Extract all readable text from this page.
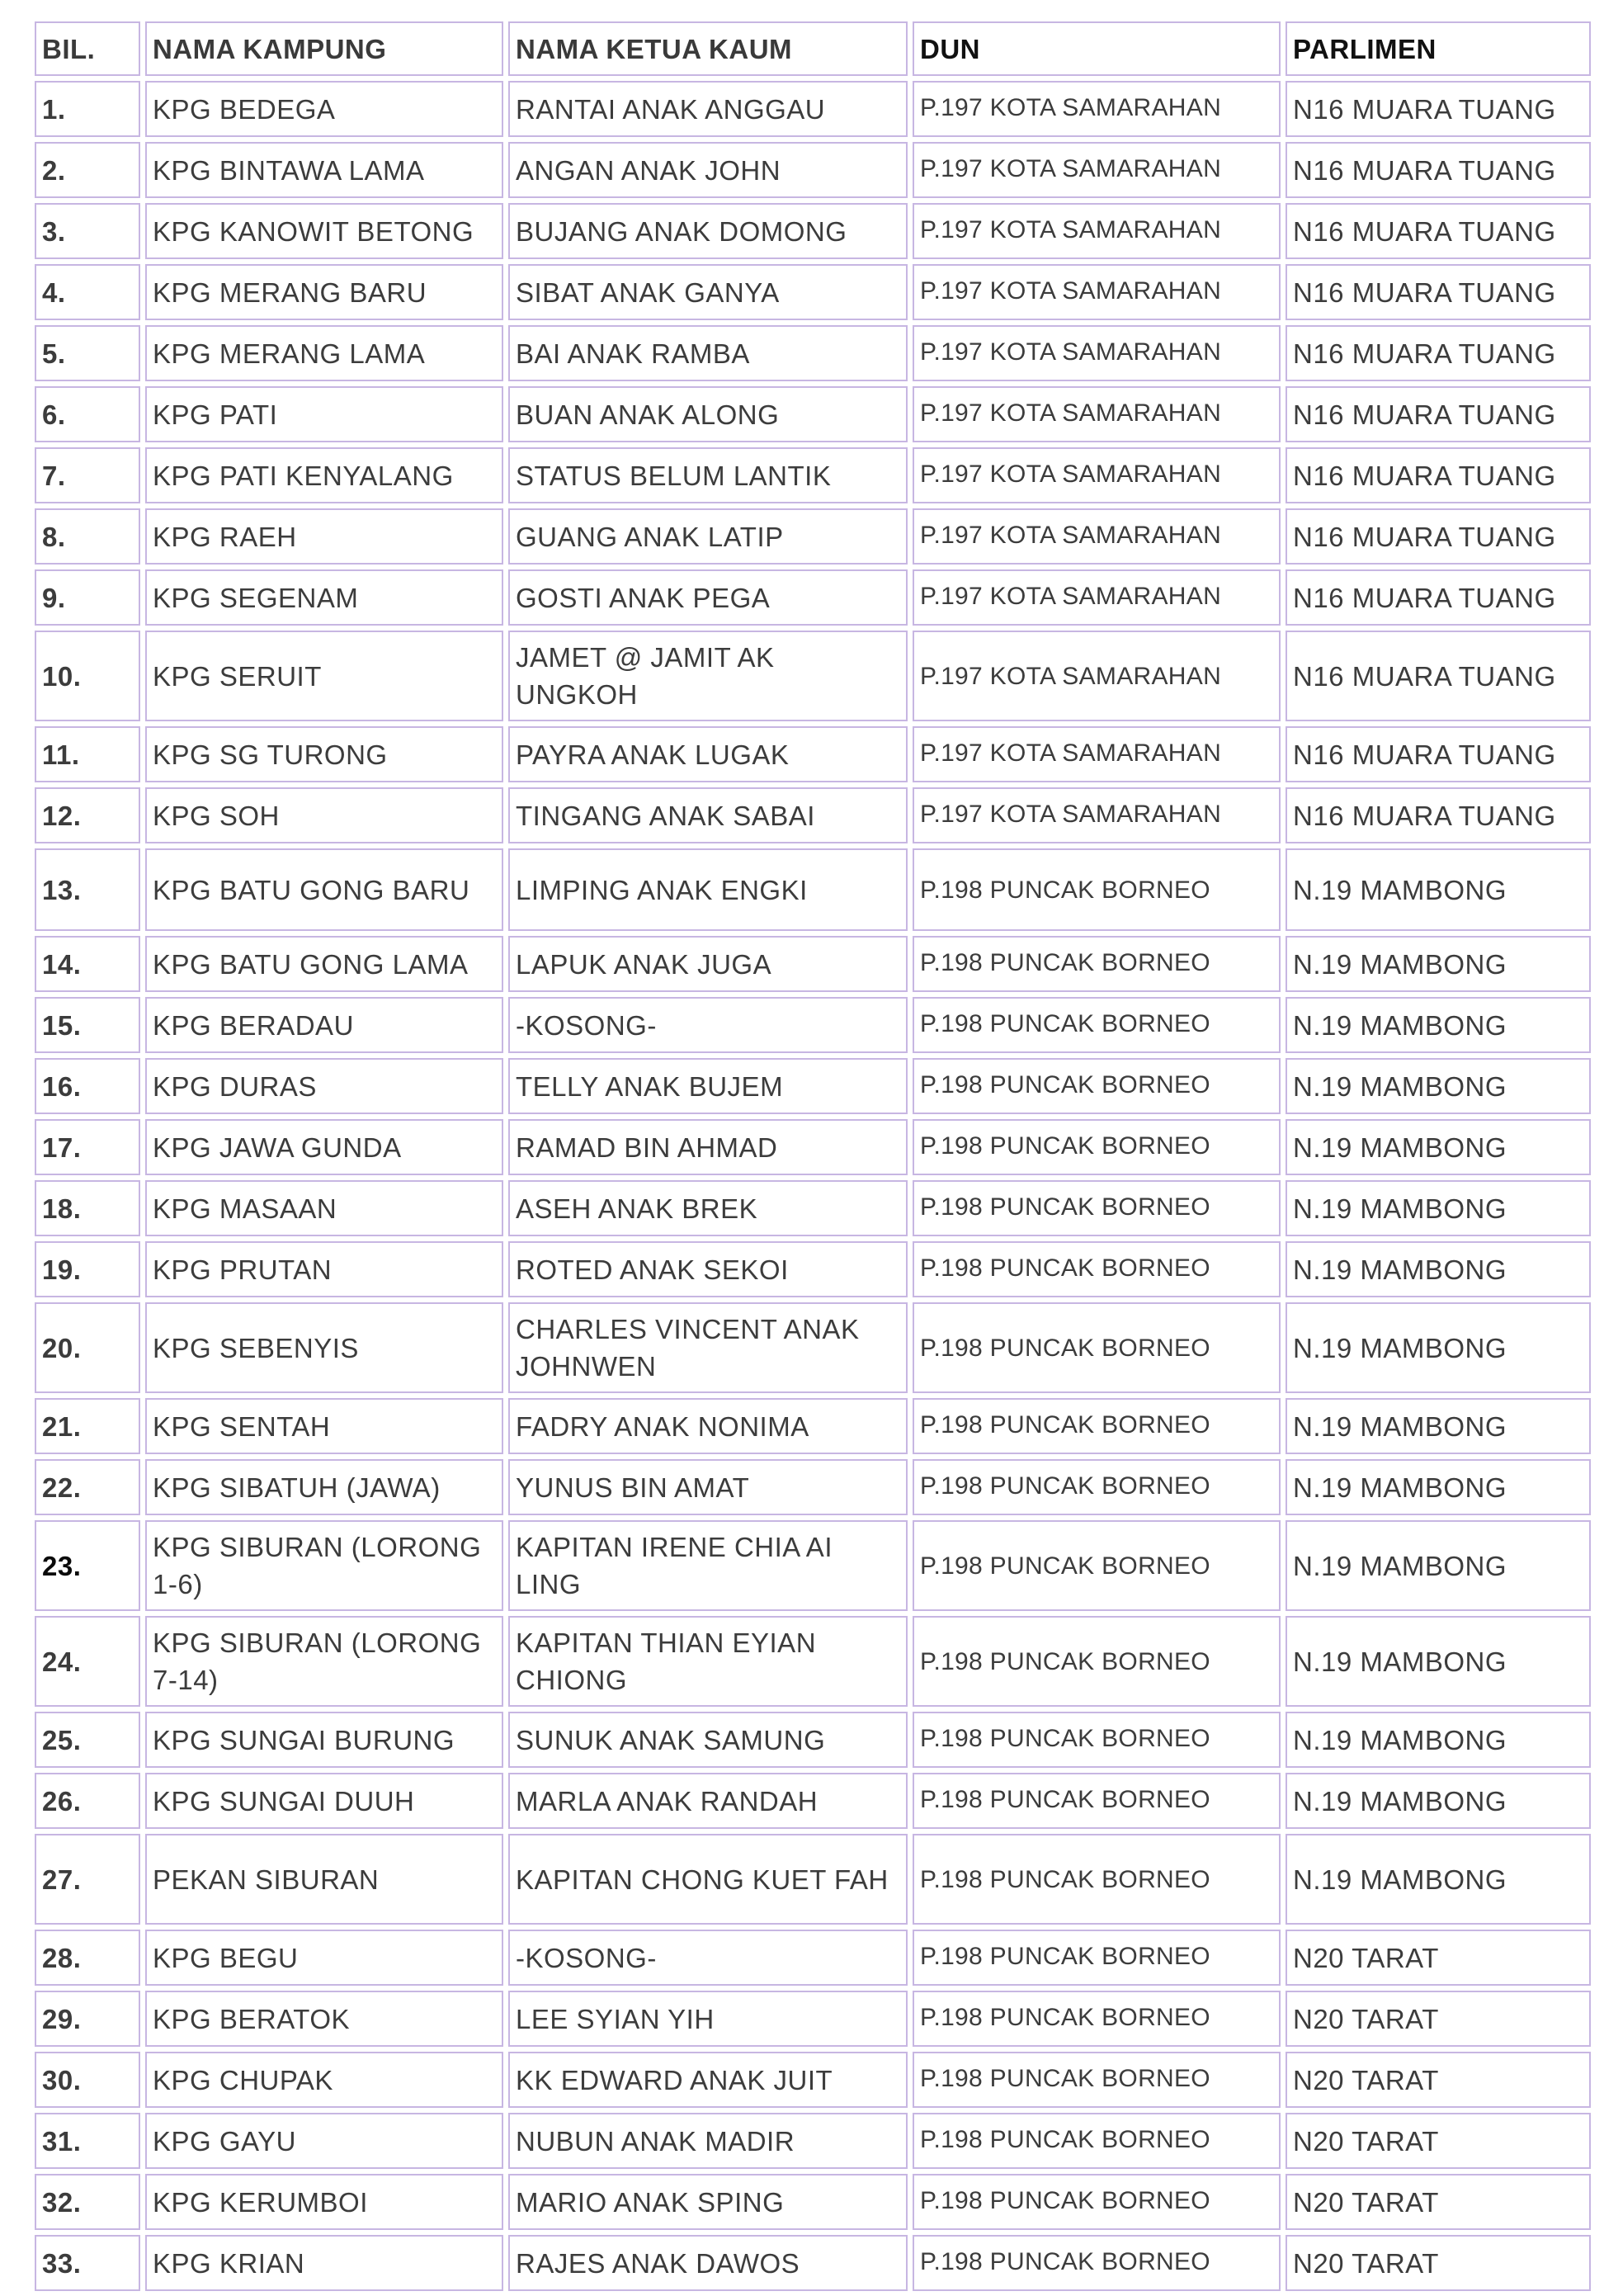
BIL.	NAMA KAMPUNG	NAMA KETUA KAUM	DUN	PARLIMEN
1.	KPG BEDEGA	RANTAI ANAK ANGGAU	P.197 KOTA SAMARAHAN	N16 MUARA TUANG
2.	KPG BINTAWA LAMA	ANGAN ANAK JOHN	P.197 KOTA SAMARAHAN	N16 MUARA TUANG
3.	KPG KANOWIT BETONG	BUJANG ANAK DOMONG	P.197 KOTA SAMARAHAN	N16 MUARA TUANG
4.	KPG MERANG BARU	SIBAT ANAK GANYA	P.197 KOTA SAMARAHAN	N16 MUARA TUANG
5.	KPG MERANG LAMA	BAI ANAK RAMBA	P.197 KOTA SAMARAHAN	N16 MUARA TUANG
6.	KPG PATI	BUAN ANAK ALONG	P.197 KOTA SAMARAHAN	N16 MUARA TUANG
7.	KPG PATI KENYALANG	STATUS BELUM LANTIK	P.197 KOTA SAMARAHAN	N16 MUARA TUANG
8.	KPG RAEH	GUANG ANAK LATIP	P.197 KOTA SAMARAHAN	N16 MUARA TUANG
9.	KPG SEGENAM	GOSTI ANAK PEGA	P.197 KOTA SAMARAHAN	N16 MUARA TUANG
10.	KPG SERUIT	JAMET @ JAMIT AK UNGKOH	P.197 KOTA SAMARAHAN	N16 MUARA TUANG
11.	KPG SG TURONG	PAYRA ANAK LUGAK	P.197 KOTA SAMARAHAN	N16 MUARA TUANG
12.	KPG SOH	TINGANG ANAK SABAI	P.197 KOTA SAMARAHAN	N16 MUARA TUANG
13.	KPG BATU GONG BARU	LIMPING ANAK ENGKI	P.198 PUNCAK BORNEO	N.19 MAMBONG
14.	KPG BATU GONG LAMA	LAPUK ANAK JUGA	P.198 PUNCAK BORNEO	N.19 MAMBONG
15.	KPG BERADAU	-KOSONG-	P.198 PUNCAK BORNEO	N.19 MAMBONG
16.	KPG DURAS	TELLY ANAK BUJEM	P.198 PUNCAK BORNEO	N.19 MAMBONG
17.	KPG JAWA GUNDA	RAMAD BIN AHMAD	P.198 PUNCAK BORNEO	N.19 MAMBONG
18.	KPG MASAAN	ASEH ANAK BREK	P.198 PUNCAK BORNEO	N.19 MAMBONG
19.	KPG PRUTAN	ROTED ANAK SEKOI	P.198 PUNCAK BORNEO	N.19 MAMBONG
20.	KPG SEBENYIS	CHARLES VINCENT ANAK JOHNWEN	P.198 PUNCAK BORNEO	N.19 MAMBONG
21.	KPG SENTAH	FADRY ANAK NONIMA	P.198 PUNCAK BORNEO	N.19 MAMBONG
22.	KPG SIBATUH (JAWA)	YUNUS BIN AMAT	P.198 PUNCAK BORNEO	N.19 MAMBONG
23.	KPG SIBURAN (LORONG 1-6)	KAPITAN IRENE CHIA AI LING	P.198 PUNCAK BORNEO	N.19 MAMBONG
24.	KPG SIBURAN (LORONG 7-14)	KAPITAN THIAN EYIAN CHIONG	P.198 PUNCAK BORNEO	N.19 MAMBONG
25.	KPG SUNGAI BURUNG	SUNUK ANAK SAMUNG	P.198 PUNCAK BORNEO	N.19 MAMBONG
26.	KPG SUNGAI DUUH	MARLA ANAK RANDAH	P.198 PUNCAK BORNEO	N.19 MAMBONG
27.	PEKAN SIBURAN	KAPITAN CHONG KUET FAH	P.198 PUNCAK BORNEO	N.19 MAMBONG
28.	KPG BEGU	-KOSONG-	P.198 PUNCAK BORNEO	N20 TARAT
29.	KPG BERATOK	LEE SYIAN YIH	P.198 PUNCAK BORNEO	N20 TARAT
30.	KPG CHUPAK	KK EDWARD ANAK JUIT	P.198 PUNCAK BORNEO	N20 TARAT
31.	KPG GAYU	NUBUN ANAK MADIR	P.198 PUNCAK BORNEO	N20 TARAT
32.	KPG KERUMBOI	MARIO ANAK SPING	P.198 PUNCAK BORNEO	N20 TARAT
33.	KPG KRIAN	RAJES ANAK DAWOS	P.198 PUNCAK BORNEO	N20 TARAT
